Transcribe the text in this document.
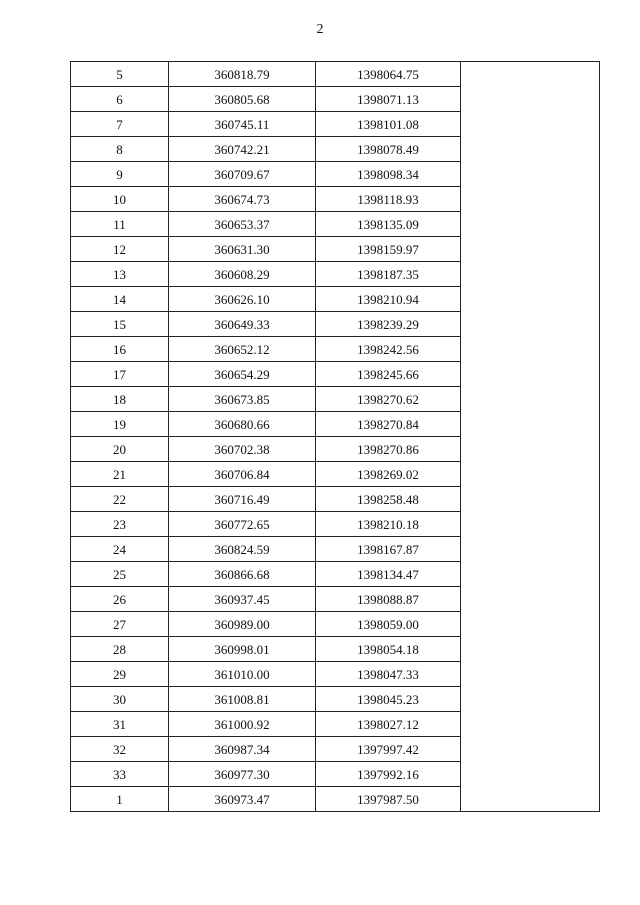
2
5	360818.79	1398064.75	
6	360805.68	1398071.13	
7	360745.11	1398101.08	
8	360742.21	1398078.49	
9	360709.67	1398098.34	
10	360674.73	1398118.93	
11	360653.37	1398135.09	
12	360631.30	1398159.97	
13	360608.29	1398187.35	
14	360626.10	1398210.94	
15	360649.33	1398239.29	
16	360652.12	1398242.56	
17	360654.29	1398245.66	
18	360673.85	1398270.62	
19	360680.66	1398270.84	
20	360702.38	1398270.86	
21	360706.84	1398269.02	
22	360716.49	1398258.48	
23	360772.65	1398210.18	
24	360824.59	1398167.87	
25	360866.68	1398134.47	
26	360937.45	1398088.87	
27	360989.00	1398059.00	
28	360998.01	1398054.18	
29	361010.00	1398047.33	
30	361008.81	1398045.23	
31	361000.92	1398027.12	
32	360987.34	1397997.42	
33	360977.30	1397992.16	
1	360973.47	1397987.50	
